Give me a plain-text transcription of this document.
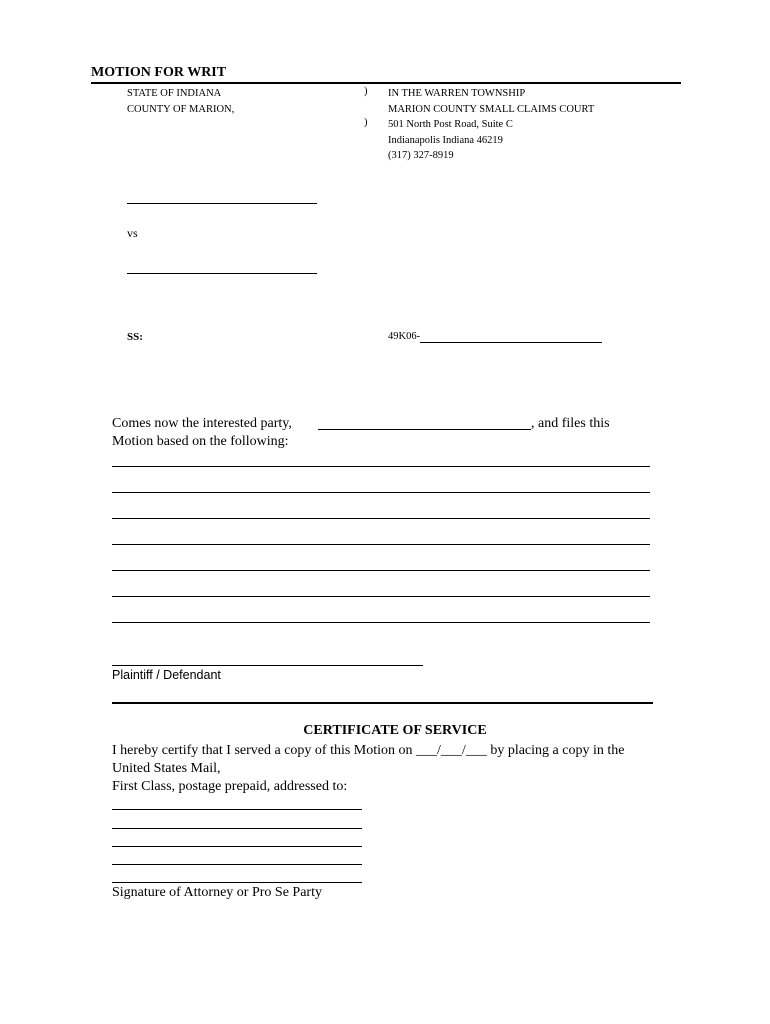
MOTION FOR WRIT
STATE OF INDIANA
COUNTY OF MARION,
)
)
IN THE WARREN TOWNSHIP
MARION COUNTY SMALL CLAIMS COURT
501 North Post Road, Suite C
Indianapolis Indiana 46219
(317) 327-8919
vs
SS:	49K06-
Comes now the interested party,	, and files this
Motion based on the following:
Plaintiff / Defendant
CERTIFICATE OF SERVICE
I hereby certify that I served a copy of this Motion on ___/___/___ by placing a copy in the
United States Mail,
First Class, postage prepaid, addressed to:
Signature of Attorney or Pro Se Party
